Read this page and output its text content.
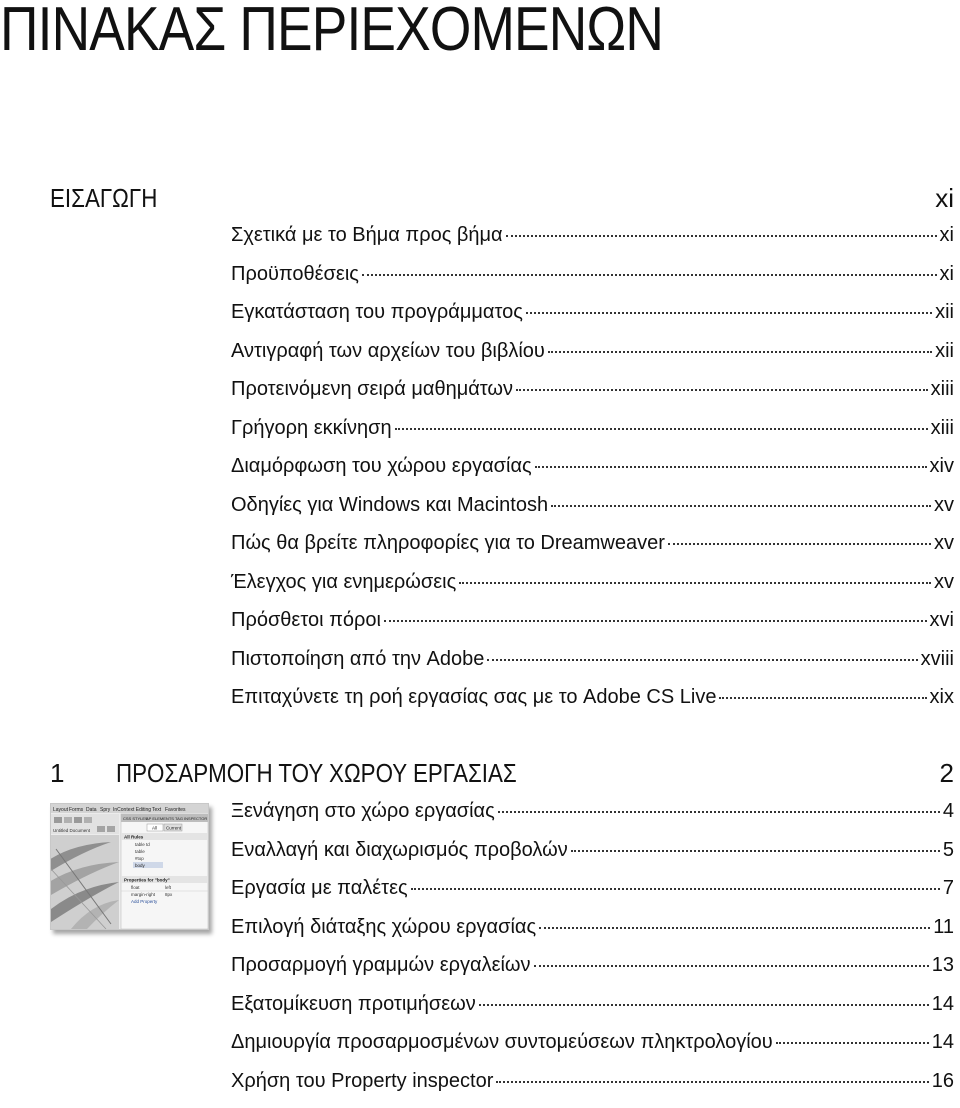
ΠΙΝΑΚΑΣ ΠΕΡΙΕΧΟΜΕΝΩΝ
ΕΙΣΑΓΩΓΗ	xi
Σχετικά με το Βήμα προς βήμα	xi
Προϋποθέσεις	xi
Εγκατάσταση του προγράμματος	xii
Αντιγραφή των αρχείων του βιβλίου	xii
Προτεινόμενη σειρά μαθημάτων	xiii
Γρήγορη εκκίνηση	xiii
Διαμόρφωση του χώρου εργασίας	xiv
Οδηγίες για Windows και Macintosh	xv
Πώς θα βρείτε πληροφορίες για το Dreamweaver	xv
Έλεγχος για ενημερώσεις	xv
Πρόσθετοι πόροι	xvi
Πιστοποίηση από την Adobe	xviii
Επιταχύνετε τη ροή εργασίας σας με το Adobe CS Live	xix
1 ΠΡΟΣΑΡΜΟΓΗ ΤΟΥ ΧΩΡΟΥ ΕΡΓΑΣΙΑΣ	2
Layout Forms Data Spry InContext Editing Text Favorites
Untitled Document
CSS STYLES
AP ELEMENTS TAG INSPECTOR
All Current
All Rules
table td
table
#top
body
Properties for "body"
float	left
margin-right 8px
Add Property
Ξενάγηση στο χώρο εργασίας	4
Εναλλαγή και διαχωρισμός προβολών	5
Εργασία με παλέτες	7
Επιλογή διάταξης χώρου εργασίας	11
Προσαρμογή γραμμών εργαλείων	13
Εξατομίκευση προτιμήσεων	14
Δημιουργία προσαρμοσμένων συντομεύσεων πληκτρολογίου	14
Χρήση του Property inspector	16
